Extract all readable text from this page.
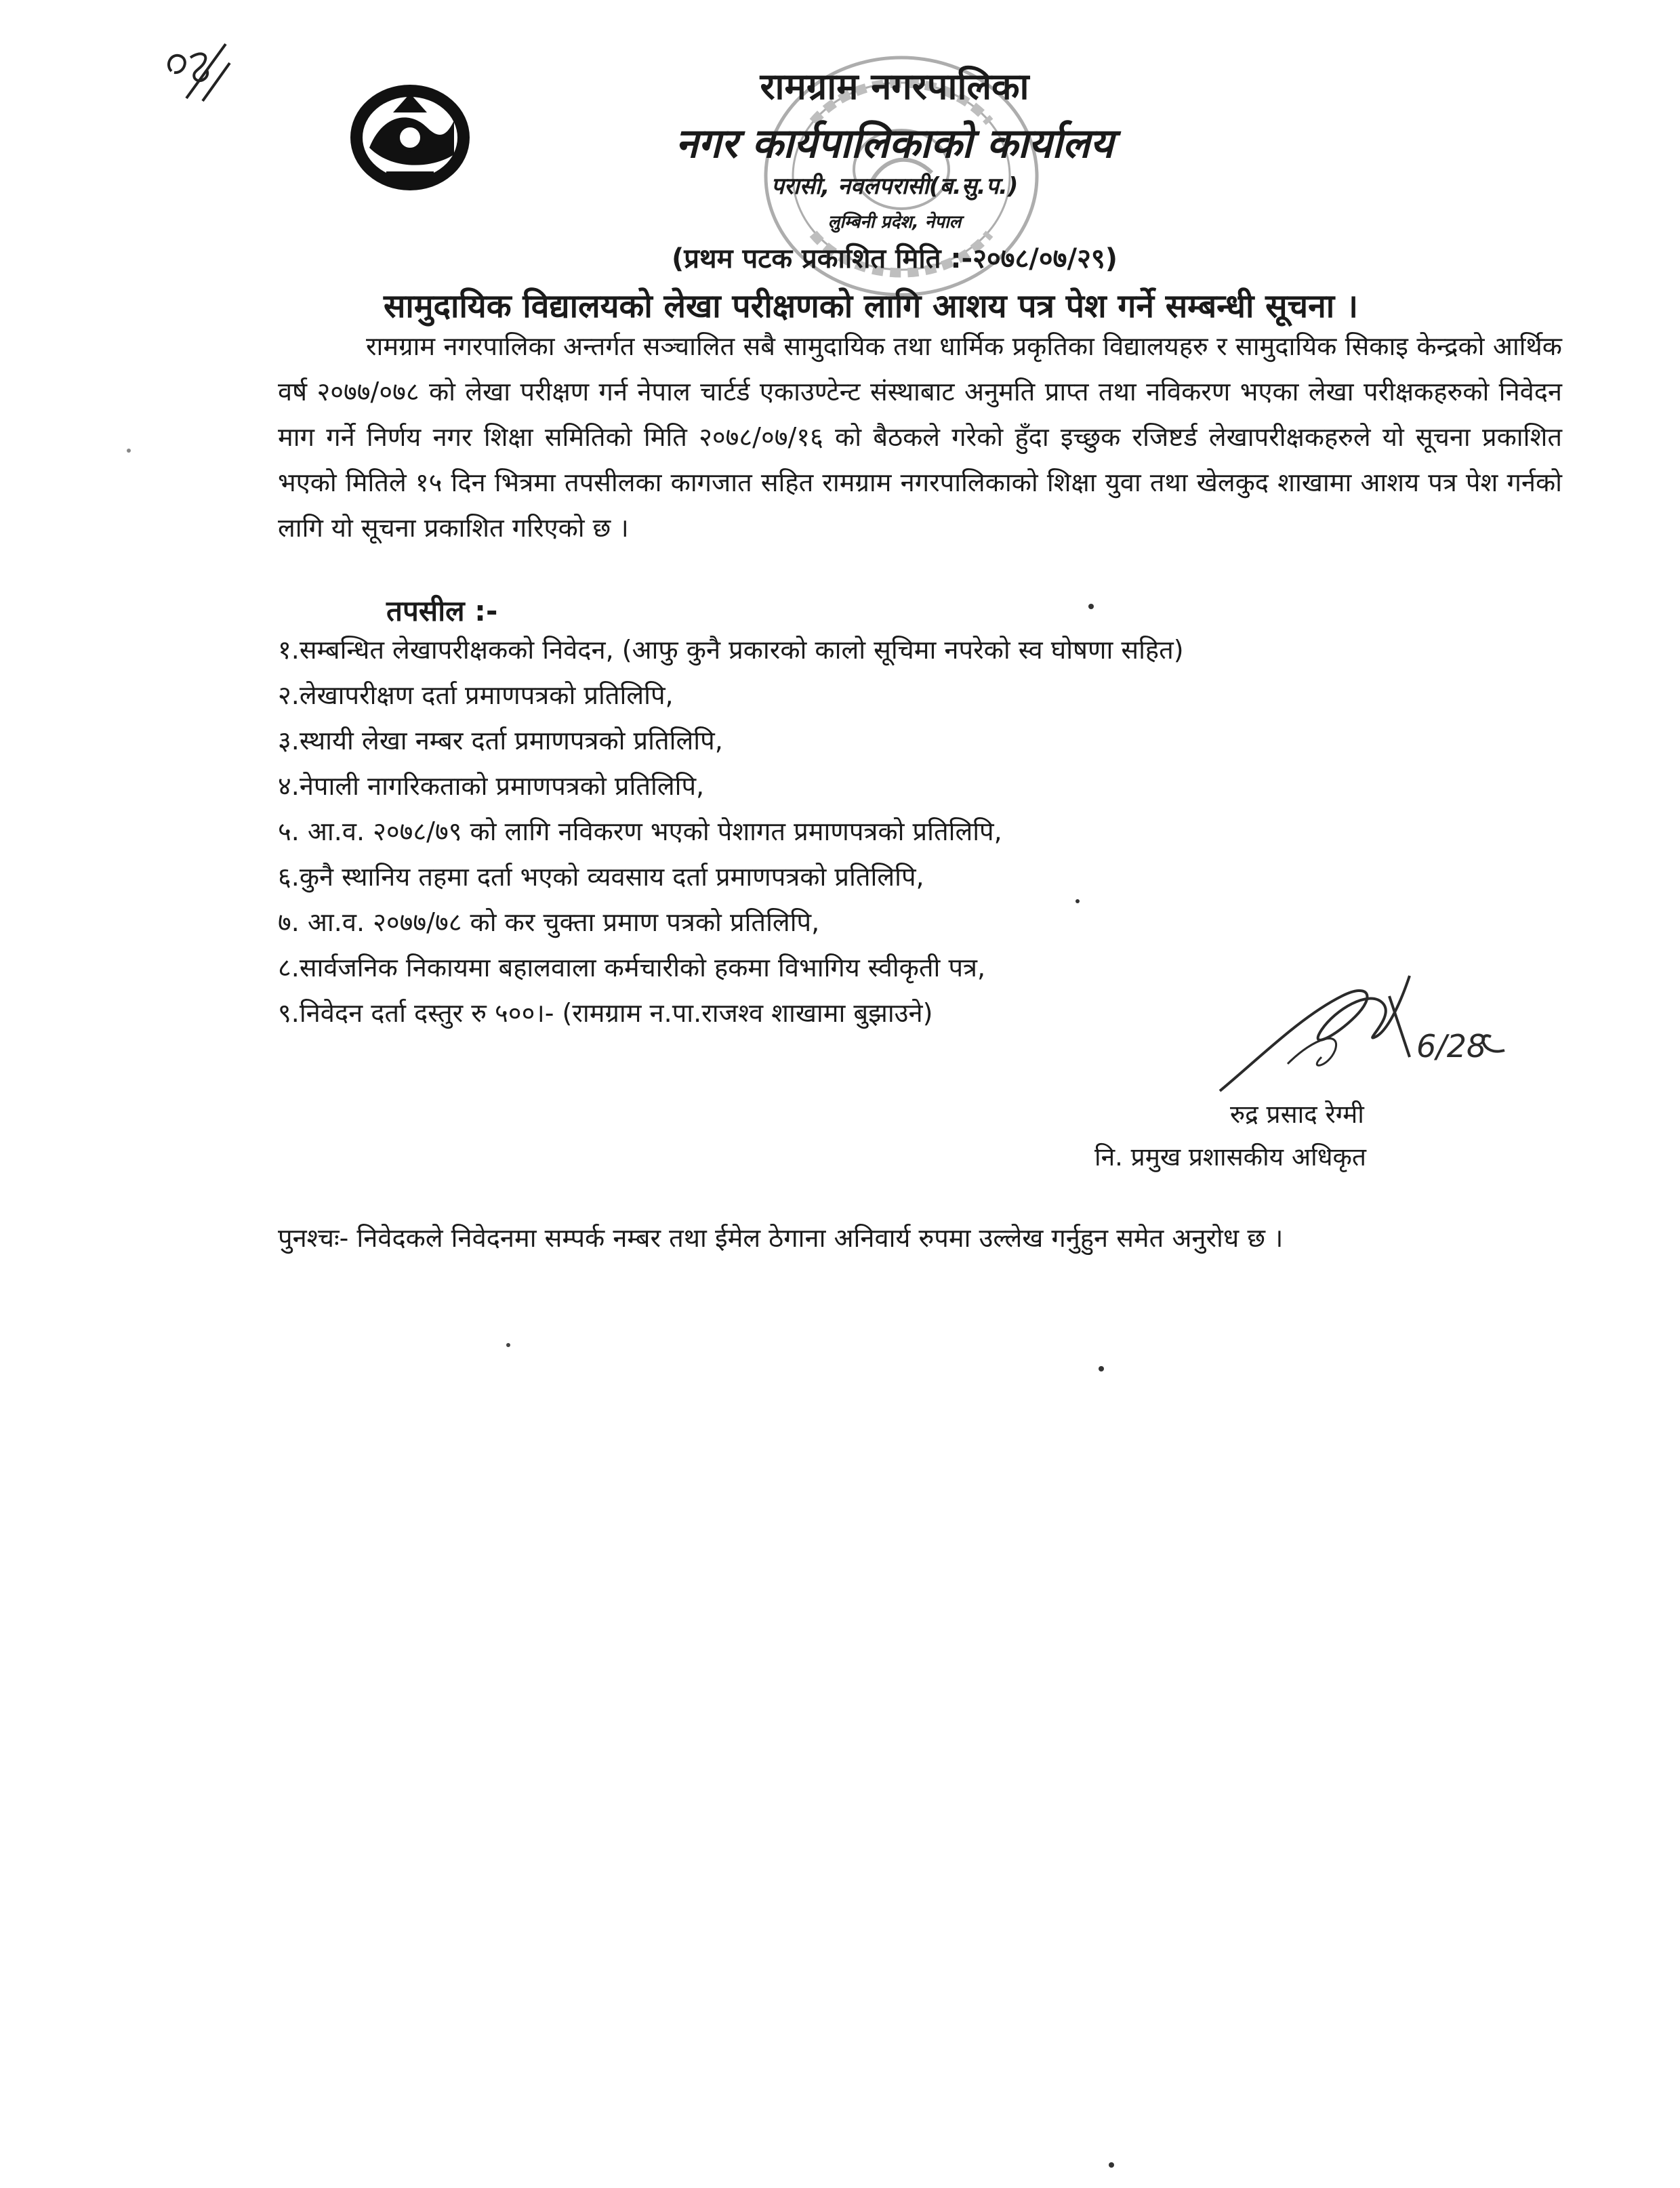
रामग्राम नगरपालिका
नगर कार्यपालिकाको कार्यालय
परासी, नवलपरासी(ब.सु.प.)
लुम्बिनी प्रदेश, नेपाल
(प्रथम पटक प्रकाशित मिति :-२०७८/०७/२९)
सामुदायिक विद्यालयको लेखा परीक्षणको लागि आशय पत्र पेश गर्ने सम्बन्धी सूचना ।
रामग्राम नगरपालिका अन्तर्गत सञ्चालित सबै सामुदायिक तथा धार्मिक प्रकृतिका विद्यालयहरु र सामुदायिक सिकाइ केन्द्रको आर्थिक वर्ष २०७७/०७८ को लेखा परीक्षण गर्न नेपाल चार्टर्ड एकाउण्टेन्ट संस्थाबाट अनुमति प्राप्त तथा नविकरण भएका लेखा परीक्षकहरुको निवेदन माग गर्ने निर्णय नगर शिक्षा समितिको मिति २०७८/०७/१६ को बैठकले गरेको हुँदा इच्छुक रजिष्टर्ड लेखापरीक्षकहरुले यो सूचना प्रकाशित भएको मितिले १५ दिन भित्रमा तपसीलका कागजात सहित रामग्राम नगरपालिकाको शिक्षा युवा तथा खेलकुद शाखामा आशय पत्र पेश गर्नको लागि यो सूचना प्रकाशित गरिएको छ ।
तपसील :-
१.सम्बन्धित लेखापरीक्षकको निवेदन, (आफु कुनै प्रकारको कालो सूचिमा नपरेको स्व घोषणा सहित)
२.लेखापरीक्षण दर्ता प्रमाणपत्रको प्रतिलिपि,
३.स्थायी लेखा नम्बर दर्ता प्रमाणपत्रको प्रतिलिपि,
४.नेपाली नागरिकताको प्रमाणपत्रको प्रतिलिपि,
५. आ.व. २०७८/७९ को लागि नविकरण भएको पेशागत प्रमाणपत्रको प्रतिलिपि,
६.कुनै स्थानिय तहमा दर्ता भएको व्यवसाय दर्ता प्रमाणपत्रको प्रतिलिपि,
७. आ.व. २०७७/७८ को कर चुक्ता प्रमाण पत्रको प्रतिलिपि,
८.सार्वजनिक निकायमा बहालवाला कर्मचारीको हकमा विभागिय स्वीकृती पत्र,
९.निवेदन दर्ता दस्तुर रु ५००।- (रामग्राम न.पा.राजश्व शाखामा बुझाउने)
6/28
रुद्र प्रसाद रेग्मी
नि. प्रमुख प्रशासकीय अधिकृत
पुनश्चः- निवेदकले निवेदनमा सम्पर्क नम्बर तथा ईमेल ठेगाना अनिवार्य रुपमा उल्लेख गर्नुहुन समेत अनुरोध छ ।
